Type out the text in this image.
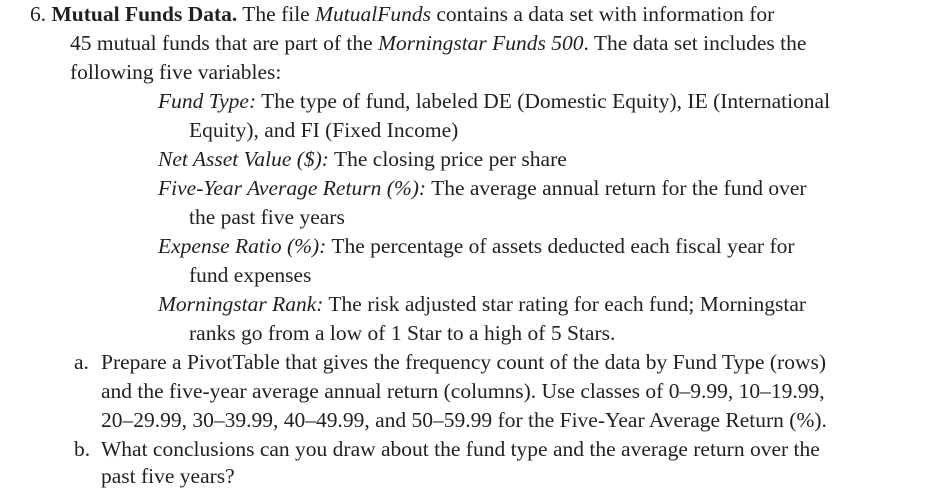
6. Mutual Funds Data. The file MutualFunds contains a data set with information for
45 mutual funds that are part of the Morningstar Funds 500. The data set includes the
following five variables:
Fund Type: The type of fund, labeled DE (Domestic Equity), IE (International
Equity), and FI (Fixed Income)
Net Asset Value ($): The closing price per share
Five-Year Average Return (%): The average annual return for the fund over
the past five years
Expense Ratio (%): The percentage of assets deducted each fiscal year for
fund expenses
Morningstar Rank: The risk adjusted star rating for each fund; Morningstar
ranks go from a low of 1 Star to a high of 5 Stars.
a. Prepare a PivotTable that gives the frequency count of the data by Fund Type (rows)
and the five-year average annual return (columns). Use classes of 0–9.99, 10–19.99,
20–29.99, 30–39.99, 40–49.99, and 50–59.99 for the Five-Year Average Return (%).
b. What conclusions can you draw about the fund type and the average return over the
past five years?
